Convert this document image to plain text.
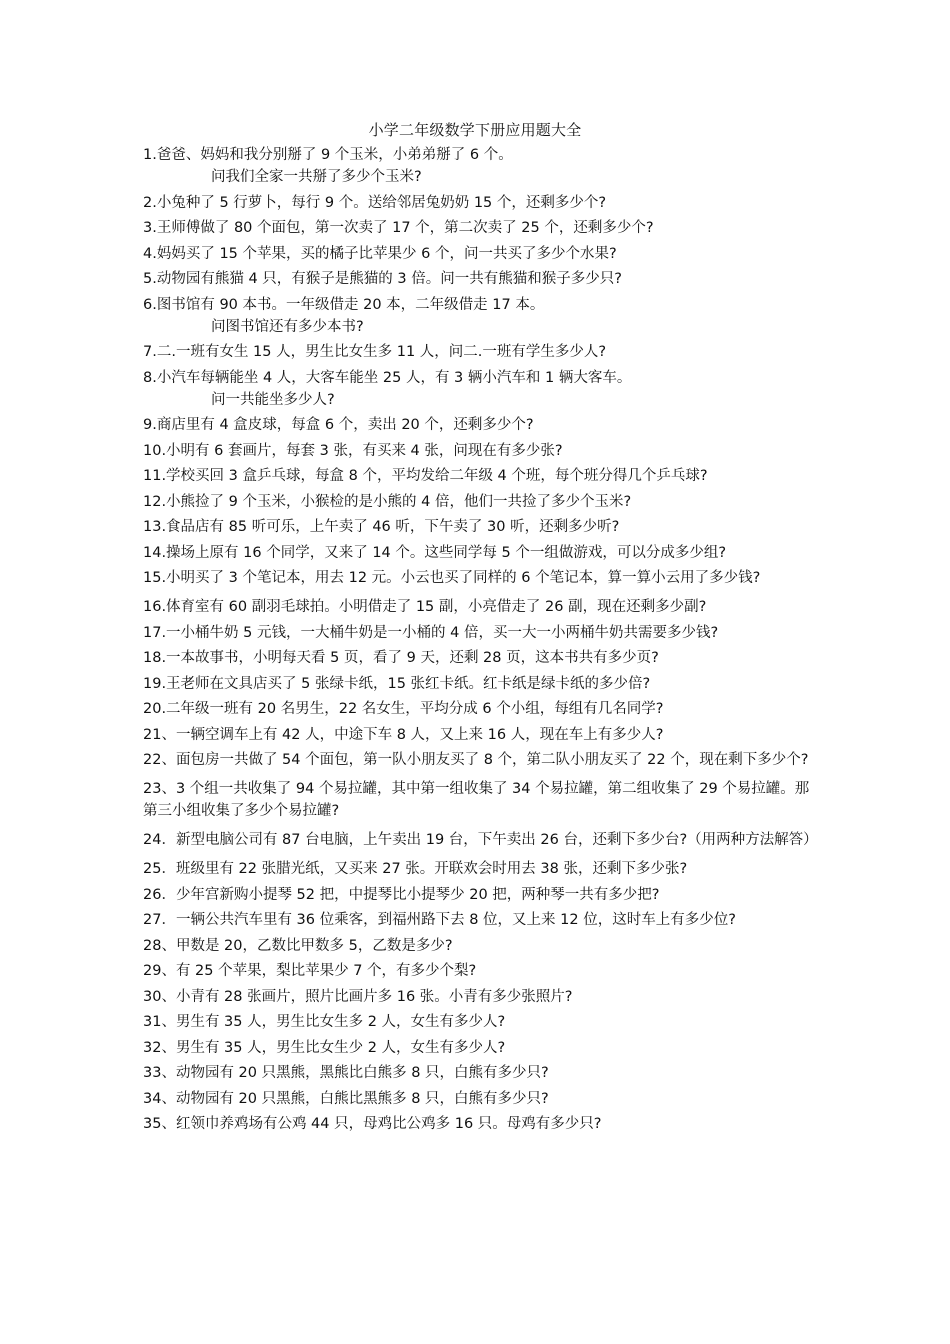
小学二年级数学下册应用题大全
1.爸爸、妈妈和我分别掰了 9 个玉米，小弟弟掰了 6 个。
问我们全家一共掰了多少个玉米?
2.小兔种了 5 行萝卜，每行 9 个。送给邻居兔奶奶 15 个，还剩多少个?
3.王师傅做了 80 个面包，第一次卖了 17 个，第二次卖了 25 个，还剩多少个?
4.妈妈买了 15 个苹果，买的橘子比苹果少 6 个，问一共买了多少个水果?
5.动物园有熊猫 4 只，有猴子是熊猫的 3 倍。问一共有熊猫和猴子多少只?
6.图书馆有 90 本书。一年级借走 20 本，二年级借走 17 本。
问图书馆还有多少本书?
7.二.一班有女生 15 人，男生比女生多 11 人，问二.一班有学生多少人?
8.小汽车每辆能坐 4 人，大客车能坐 25 人，有 3 辆小汽车和 1 辆大客车。
问一共能坐多少人?
9.商店里有 4 盒皮球，每盒 6 个，卖出 20 个，还剩多少个?
10.小明有 6 套画片，每套 3 张，有买来 4 张，问现在有多少张?
11.学校买回 3 盒乒乓球，每盒 8 个，平均发给二年级 4 个班，每个班分得几个乒乓球?
12.小熊捡了 9 个玉米，小猴检的是小熊的 4 倍，他们一共捡了多少个玉米?
13.食品店有 85 听可乐，上午卖了 46 听，下午卖了 30 听，还剩多少听?
14.操场上原有 16 个同学，又来了 14 个。这些同学每 5 个一组做游戏，可以分成多少组?
15.小明买了 3 个笔记本，用去 12 元。小云也买了同样的 6 个笔记本，算一算小云用了多少钱?
16.体育室有 60 副羽毛球拍。小明借走了 15 副，小亮借走了 26 副，现在还剩多少副?
17.一小桶牛奶 5 元钱，一大桶牛奶是一小桶的 4 倍，买一大一小两桶牛奶共需要多少钱?
18.一本故事书，小明每天看 5 页，看了 9 天，还剩 28 页，这本书共有多少页?
19.王老师在文具店买了 5 张绿卡纸，15 张红卡纸。红卡纸是绿卡纸的多少倍?
20.二年级一班有 20 名男生，22 名女生，平均分成 6 个小组，每组有几名同学?
21、一辆空调车上有 42 人，中途下车 8 人，又上来 16 人，现在车上有多少人?
22、面包房一共做了 54 个面包，第一队小朋友买了 8 个，第二队小朋友买了 22 个，现在剩下多少个?
23、3 个组一共收集了 94 个易拉罐，其中第一组收集了 34 个易拉罐，第二组收集了 29 个易拉罐。那第三小组收集了多少个易拉罐?
24．新型电脑公司有 87 台电脑，上午卖出 19 台，下午卖出 26 台，还剩下多少台?（用两种方法解答）
25．班级里有 22 张腊光纸，又买来 27 张。开联欢会时用去 38 张，还剩下多少张?
26．少年宫新购小提琴 52 把，中提琴比小提琴少 20 把，两种琴一共有多少把?
27．一辆公共汽车里有 36 位乘客，到福州路下去 8 位，又上来 12 位，这时车上有多少位?
28、甲数是 20，乙数比甲数多 5，乙数是多少?
29、有 25 个苹果，梨比苹果少 7 个，有多少个梨?
30、小青有 28 张画片，照片比画片多 16 张。小青有多少张照片?
31、男生有 35 人，男生比女生多 2 人，女生有多少人?
32、男生有 35 人，男生比女生少 2 人，女生有多少人?
33、动物园有 20 只黑熊，黑熊比白熊多 8 只，白熊有多少只?
34、动物园有 20 只黑熊，白熊比黑熊多 8 只，白熊有多少只?
35、红领巾养鸡场有公鸡 44 只，母鸡比公鸡多 16 只。母鸡有多少只?
